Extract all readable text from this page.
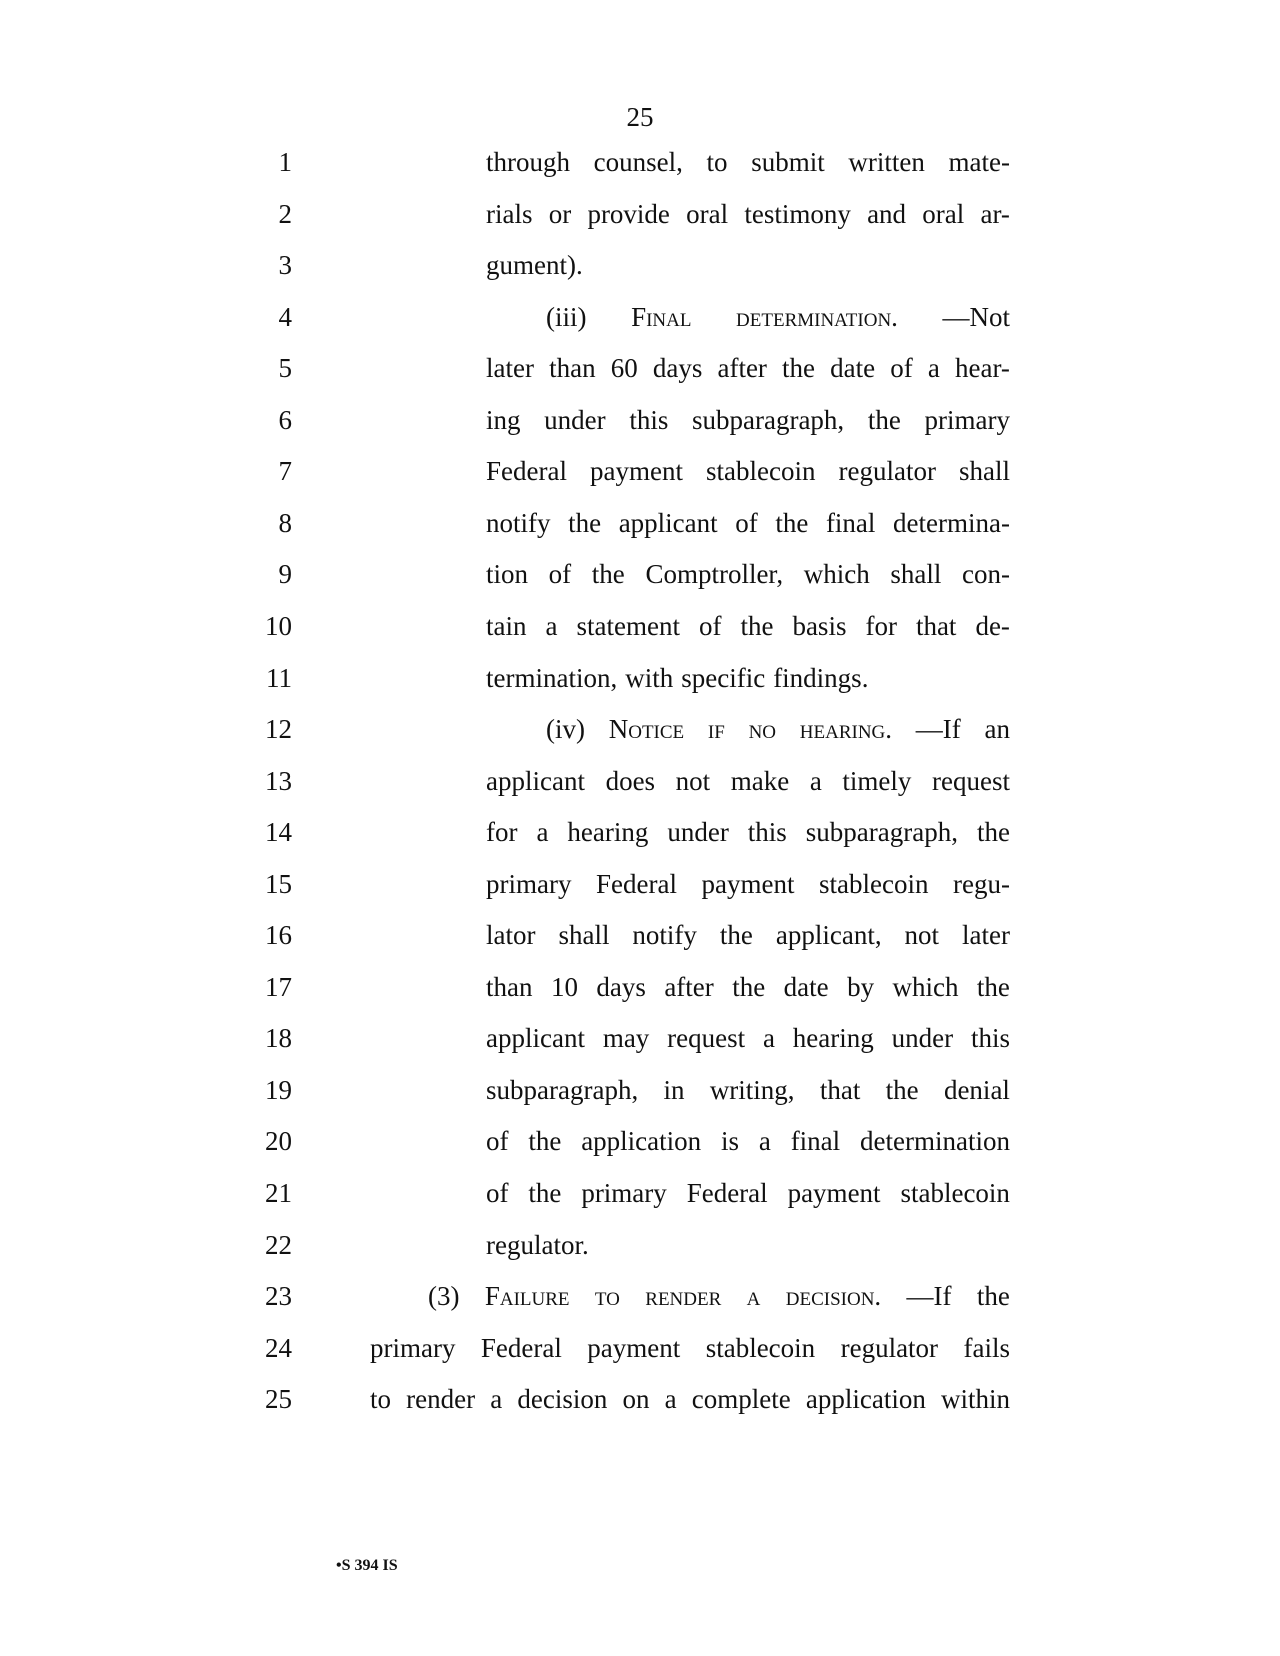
25
1	through counsel, to submit written mate-
2	rials or provide oral testimony and oral ar-
3	gument).
4	(iii) Final determination. —Not
5	later than 60 days after the date of a hear-
6	ing under this subparagraph, the primary
7	Federal payment stablecoin regulator shall
8	notify the applicant of the final determina-
9	tion of the Comptroller, which shall con-
10	tain a statement of the basis for that de-
11	termination, with specific findings.
12	(iv) Notice if no hearing. —If an
13	applicant does not make a timely request
14	for a hearing under this subparagraph, the
15	primary Federal payment stablecoin regu-
16	lator shall notify the applicant, not later
17	than 10 days after the date by which the
18	applicant may request a hearing under this
19	subparagraph, in writing, that the denial
20	of the application is a final determination
21	of the primary Federal payment stablecoin
22	regulator.
23	(3) Failure to render a decision. —If the
24	primary Federal payment stablecoin regulator fails
25	to render a decision on a complete application within
•S 394 IS
